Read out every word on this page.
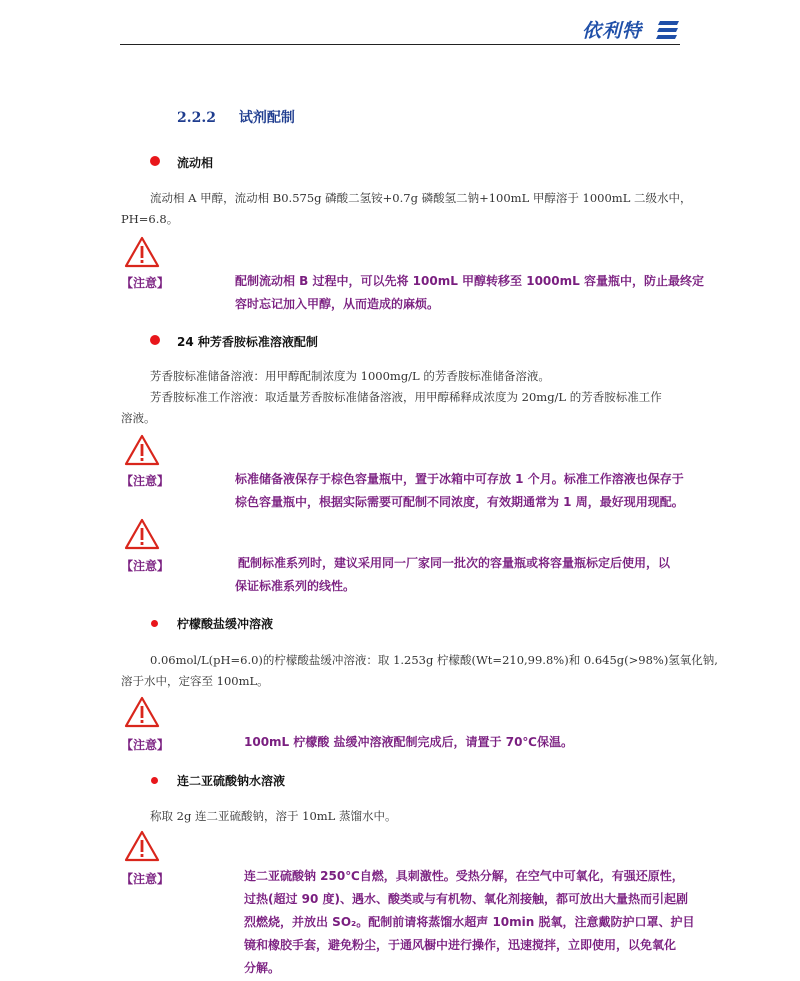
依利特
2.2.2 试剂配制
流动相
流动相 A 甲醇，流动相 B0.575g 磷酸二氢铵+0.7g 磷酸氢二钠+100mL 甲醇溶于 1000mL 二级水中，
PH=6.8。
【注意】	配制流动相 B 过程中，可以先将 100mL 甲醇转移至 1000mL 容量瓶中，防止最终定
容时忘记加入甲醇，从而造成的麻烦。
24 种芳香胺标准溶液配制
芳香胺标准储备溶液：用甲醇配制浓度为 1000mg/L 的芳香胺标准储备溶液。
芳香胺标准工作溶液：取适量芳香胺标准储备溶液，用甲醇稀释成浓度为 20mg/L 的芳香胺标准工作
溶液。
【注意】	标准储备液保存于棕色容量瓶中，置于冰箱中可存放 1 个月。标准工作溶液也保存于
棕色容量瓶中，根据实际需要可配制不同浓度，有效期通常为 1 周，最好现用现配。
【注意】	配制标准系列时，建议采用同一厂家同一批次的容量瓶或将容量瓶标定后使用，以
保证标准系列的线性。
柠檬酸盐缓冲溶液
0.06mol/L(pH=6.0)的柠檬酸盐缓冲溶液：取 1.253g 柠檬酸(Wt=210,99.8%)和 0.645g(>98%)氢氧化钠,
溶于水中，定容至 100mL。
【注意】	100mL 柠檬酸 盐缓冲溶液配制完成后，请置于 70℃保温。
连二亚硫酸钠水溶液
称取 2g 连二亚硫酸钠，溶于 10mL 蒸馏水中。
【注意】	连二亚硫酸钠 250℃自燃，具刺激性。受热分解，在空气中可氧化，有强还原性，
过热(超过 90 度)、遇水、酸类或与有机物、氧化剂接触，都可放出大量热而引起剧
烈燃烧，并放出 SO₂。配制前请将蒸馏水超声 10min 脱氧，注意戴防护口罩、护目
镜和橡胶手套，避免粉尘，于通风橱中进行操作，迅速搅拌，立即使用，以免氧化
分解。
